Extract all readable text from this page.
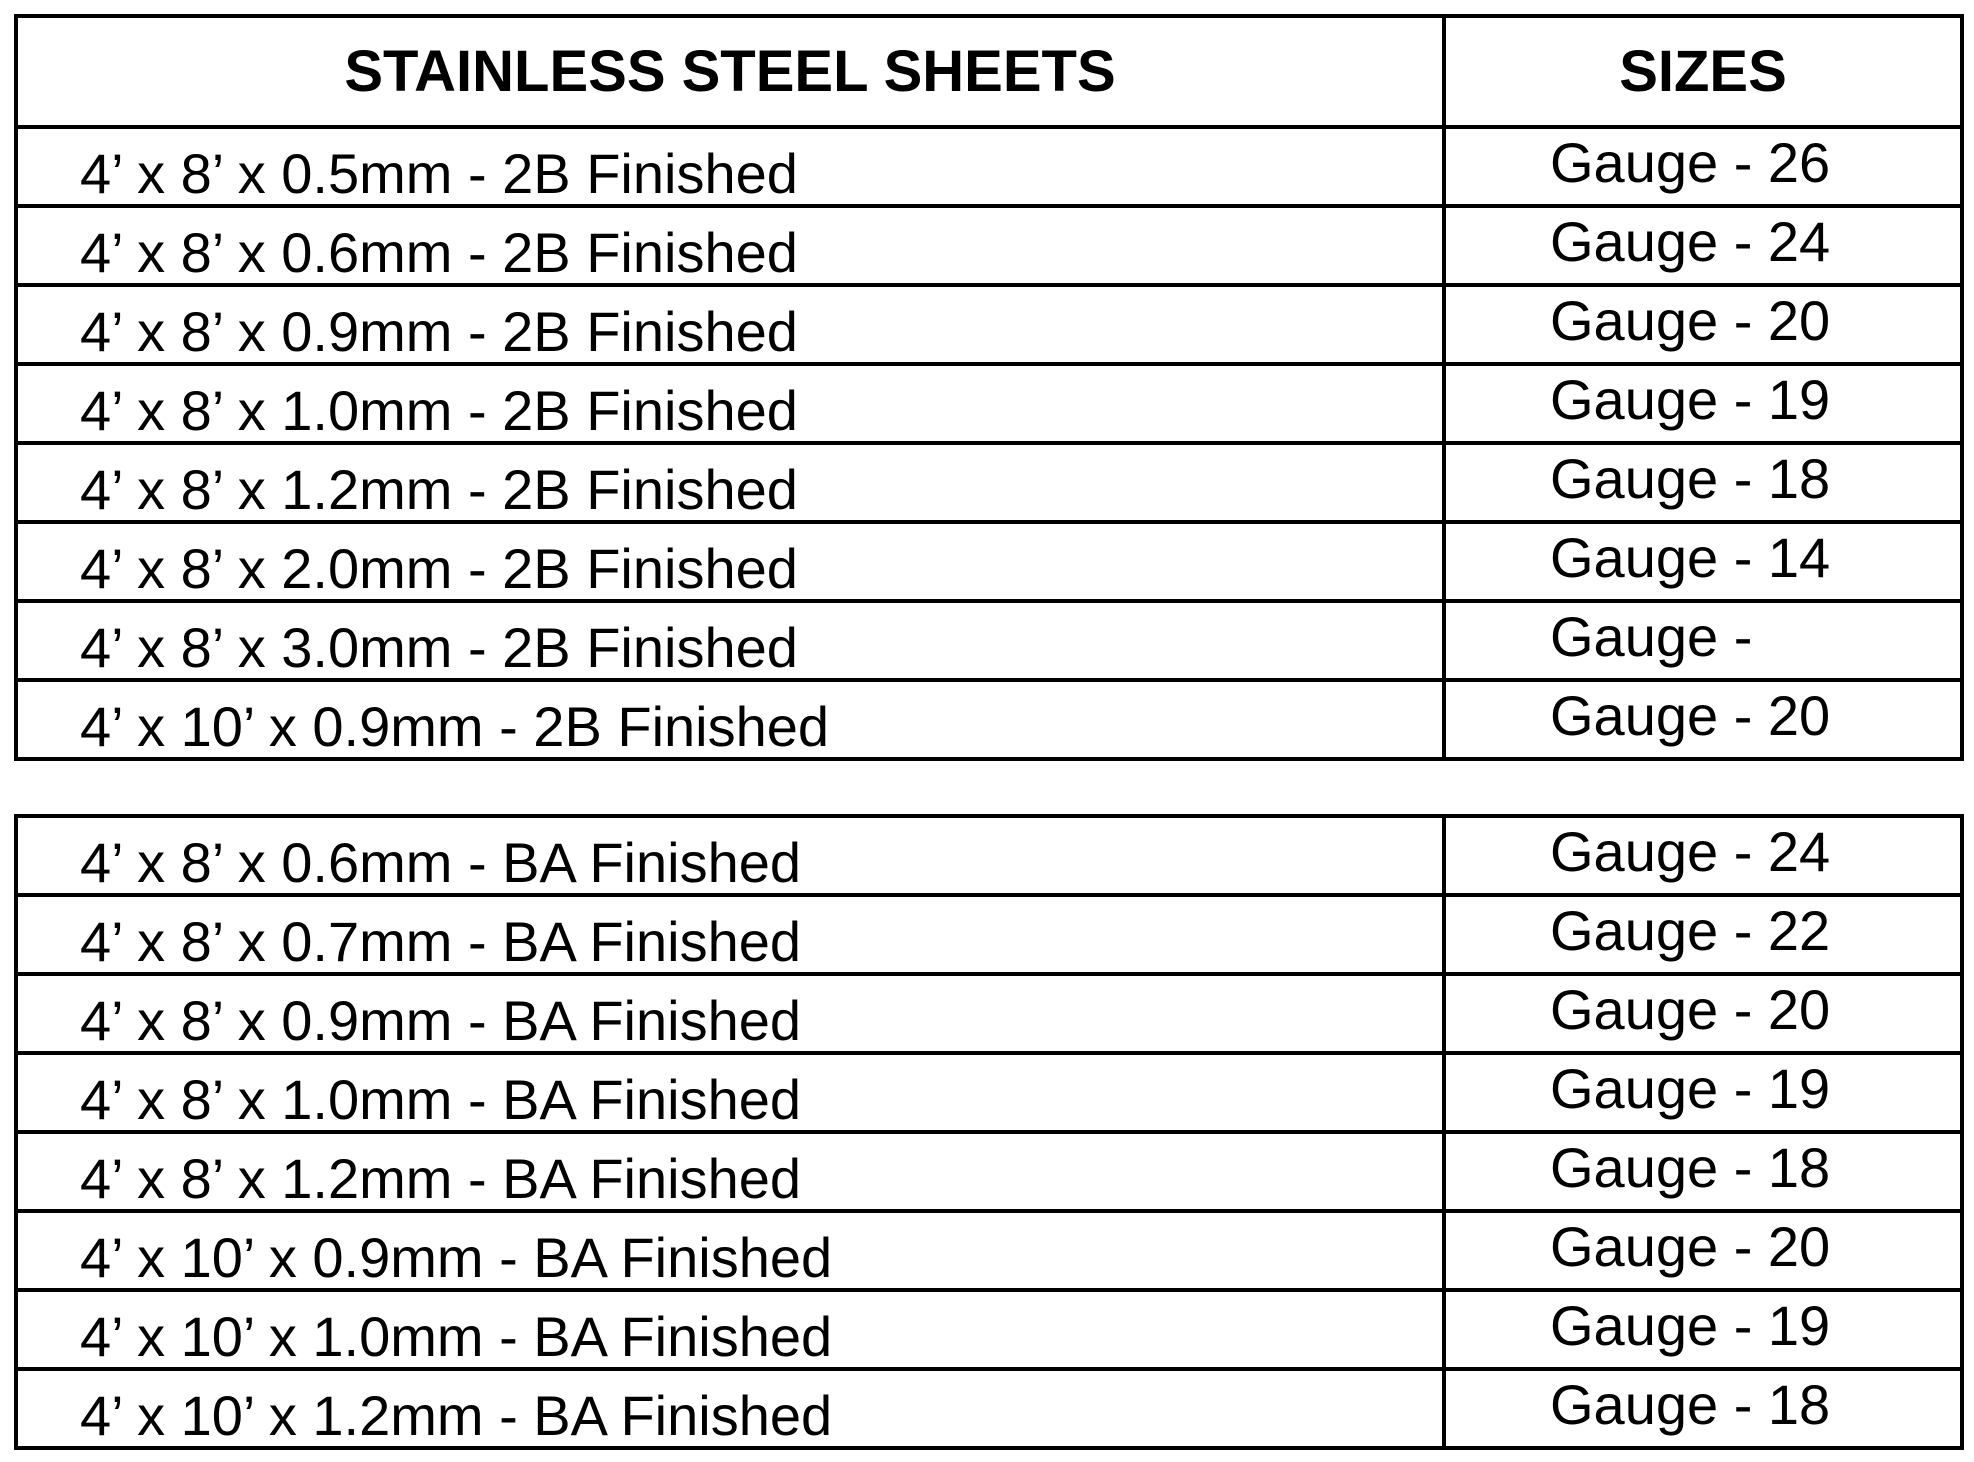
STAINLESS STEEL SHEETS	SIZES
4’ x 8’ x 0.5mm - 2B Finished	Gauge - 26
4’ x 8’ x 0.6mm - 2B Finished	Gauge - 24
4’ x 8’ x 0.9mm - 2B Finished	Gauge - 20
4’ x 8’ x 1.0mm - 2B Finished	Gauge - 19
4’ x 8’ x 1.2mm - 2B Finished	Gauge - 18
4’ x 8’ x 2.0mm - 2B Finished	Gauge - 14
4’ x 8’ x 3.0mm - 2B Finished	Gauge -
4’ x 10’ x 0.9mm - 2B Finished	Gauge - 20
4’ x 8’ x 0.6mm - BA Finished	Gauge - 24
4’ x 8’ x 0.7mm - BA Finished	Gauge - 22
4’ x 8’ x 0.9mm - BA Finished	Gauge - 20
4’ x 8’ x 1.0mm - BA Finished	Gauge - 19
4’ x 8’ x 1.2mm - BA Finished	Gauge - 18
4’ x 10’ x 0.9mm - BA Finished	Gauge - 20
4’ x 10’ x 1.0mm - BA Finished	Gauge - 19
4’ x 10’ x 1.2mm - BA Finished	Gauge - 18
